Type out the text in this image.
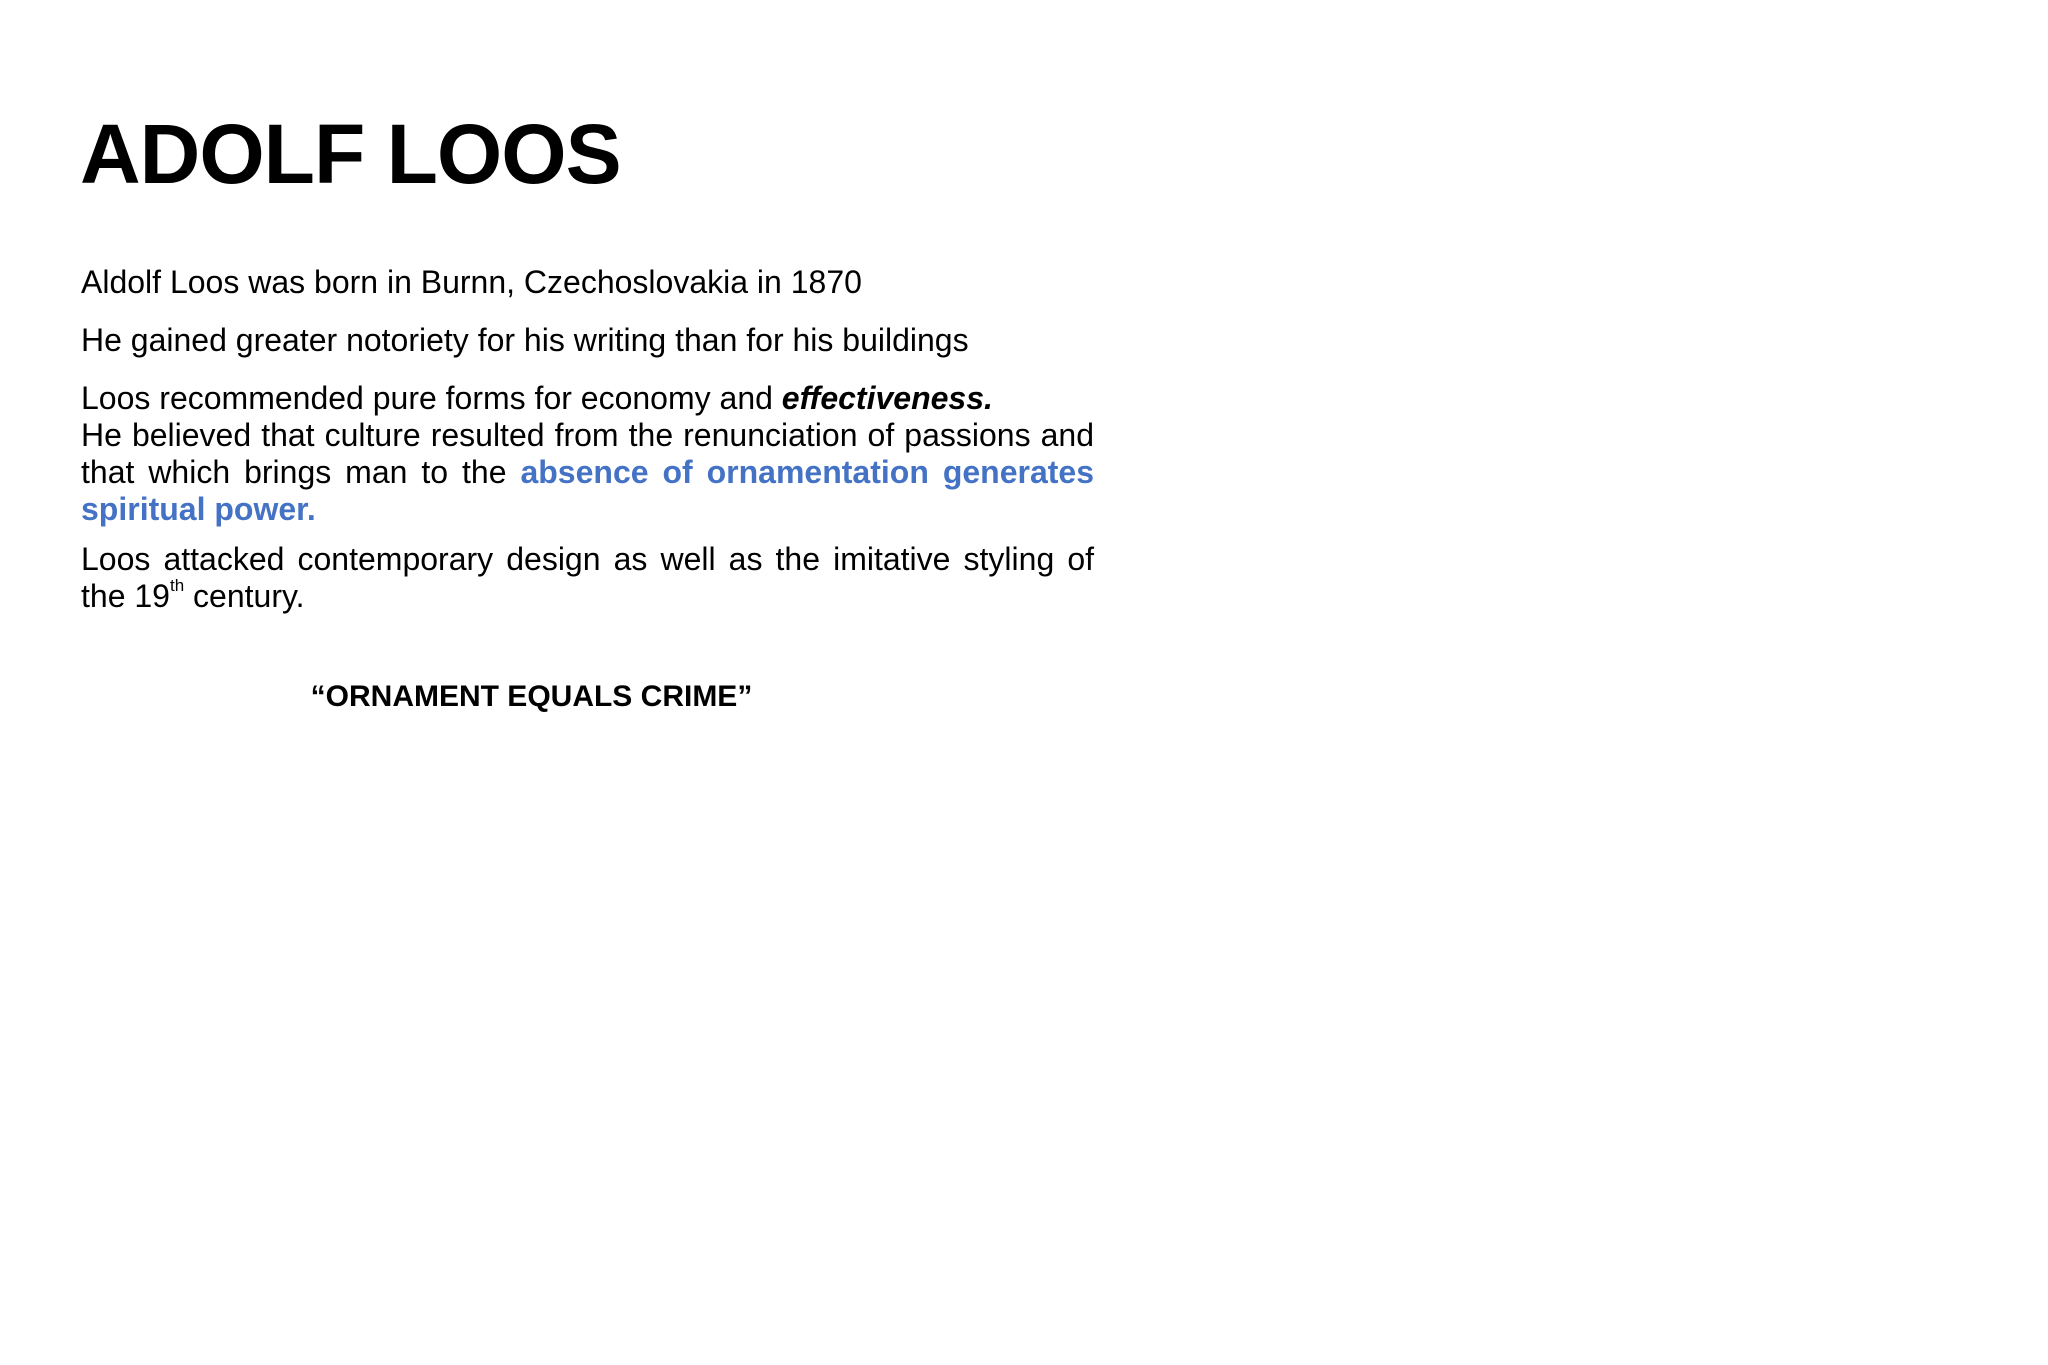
ADOLF LOOS

Aldolf Loos was born in Burnn, Czechoslovakia in 1870

He gained greater notoriety for his writing than for his buildings

Loos recommended pure forms for economy and effectiveness.
He believed that culture resulted from the renunciation of passions and that which brings man to the absence of ornamentation generates spiritual power.

Loos attacked contemporary design as well as the imitative styling of the 19th century.

“ORNAMENT EQUALS CRIME”
